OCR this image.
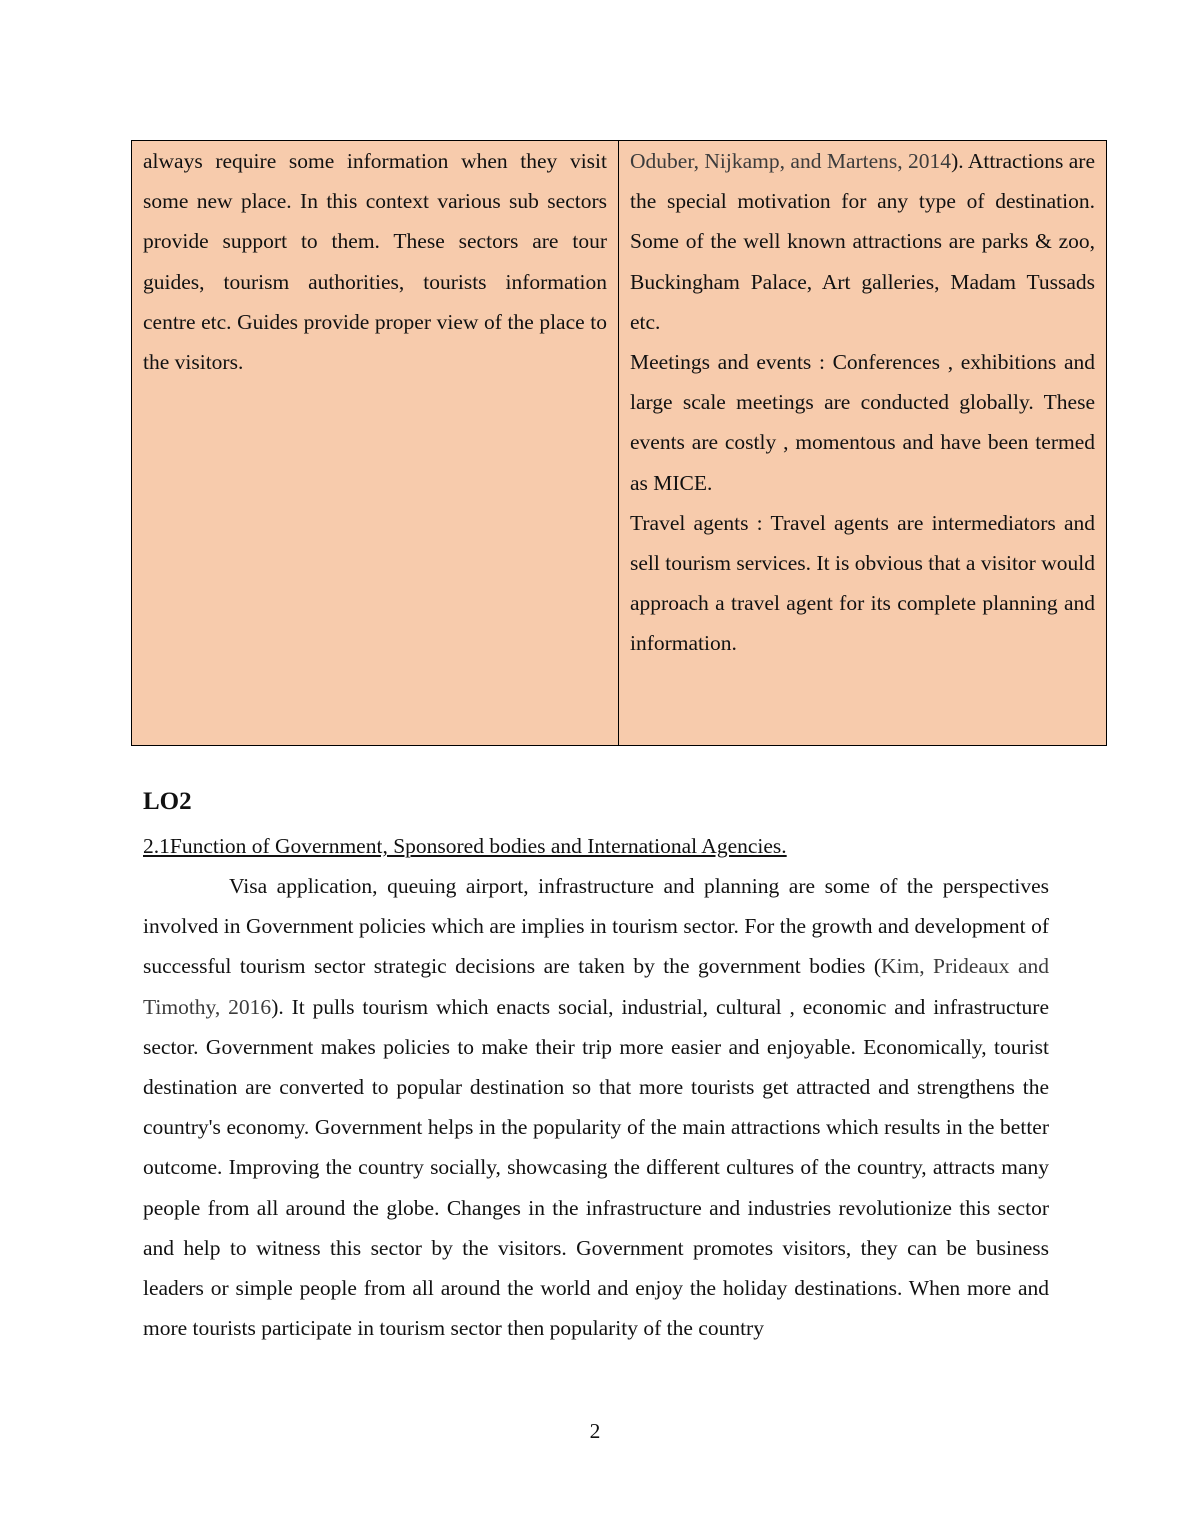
always require some information when they visit some new place. In this context various sub sectors provide support to them. These sectors are tour guides, tourism authorities, tourists information centre etc. Guides provide proper view of the place to the visitors.

Oduber, Nijkamp, and Martens, 2014). Attractions are the special motivation for any type of destination. Some of the well known attractions are parks & zoo, Buckingham Palace, Art galleries, Madam Tussads etc.

Meetings and events : Conferences , exhibitions and large scale meetings are conducted globally. These events are costly , momentous and have been termed as MICE.

Travel agents : Travel agents are intermediators and sell tourism services. It is obvious that a visitor would approach a travel agent for its complete planning and information.

LO2

2.1Function of Government, Sponsored bodies and International Agencies.

Visa application, queuing airport, infrastructure and planning are some of the perspectives involved in Government policies which are implies in tourism sector. For the growth and development of successful tourism sector strategic decisions are taken by the government bodies (Kim, Prideaux and Timothy, 2016). It pulls tourism which enacts social, industrial, cultural , economic and infrastructure sector. Government makes policies to make their trip more easier and enjoyable. Economically, tourist destination are converted to popular destination so that more tourists get attracted and strengthens the country's economy. Government helps in the popularity of the main attractions which results in the better outcome. Improving the country socially, showcasing the different cultures of the country, attracts many people from all around the globe. Changes in the infrastructure and industries revolutionize this sector and help to witness this sector by the visitors. Government promotes visitors, they can be business leaders or simple people from all around the world and enjoy the holiday destinations. When more and more tourists participate in tourism sector then popularity of the country

2
